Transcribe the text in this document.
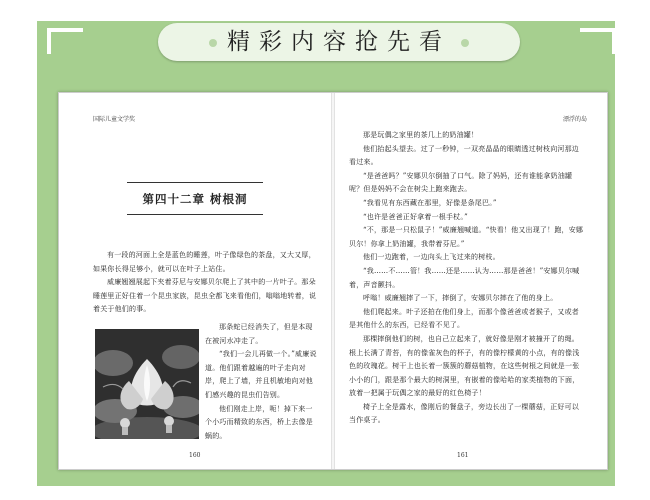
精彩内容抢先看
国际儿童文学奖
第四十二章 树根洞

有一段的河面上全是蓝色的睡莲，叶子像绿色的茶盘，又大又厚，如果你长得足够小，就可以在叶子上站住。

威廉翘翘展起下夹着芬尼与安娜贝尔爬上了其中的一片叶子。那朵睡莲里正好住着一个昆虫家族，昆虫全都飞来看他们，嗡嗡地转着，说着关于他们的事。

那条蛇已经消失了，但是本现在被河水冲走了。

“我们一会儿再做一个。”威廉说道。他们跟着越遍的叶子走向对岸，爬上了墙，并且机敏地向对他们感兴趣的昆虫们告别。

他们刚走上岸，呃！掉下来一个小巧而精致的东西，桥上去像是蜗的。

160
漂浮的岛

那是玩偶之家里的茶几上的奶油罐！

他们抬起头望去。过了一秒钟，一双亮晶晶的眼睛透过树枝向河那边看过来。

“是爸爸吗？”安娜贝尔倒抽了口气。除了妈妈，还有谁能拿奶油罐呢？但是妈妈不会在树尖上跑来跑去。

“我看见有东西藏在那里，好像是条尾巴。”

“也许是爸爸正好拿着一根手杖。”

“不，那是一只松鼠子！”威廉翘喊道。“快看！他又出现了！跑，安娜贝尔！你拿上奶油罐，我带着芬尼。”

他们一边跑着，一边向头上飞过来的树枝。

“我……不……管！我……还是……认为……那是爸爸！”安娜贝尔喊着，声音颤抖。

呼嗡！威廉翘摔了一下，摔倒了，安娜贝尔摔在了他的身上。

他们爬起来。叶子还拍在他们身上，而那个像爸爸或者猴子，又或者是其他什么的东西，已经看不见了。

那棵摔倒他们的树，也自己立起来了，就好像是刚才被撞开了的绳。根上长满了青苔，有的像雀灰色的杯子，有的像柠檬黄的小点，有的像浅色的玫瑰花。树干上也长着一簇簇的蘑菇植物，在这些树根之间就是一张小小的门，跟是那个最大的树洞里，有嵌着的像哈哈的家类植物的下面，放着一把属于玩偶之家的最好的红色椅子！

椅子上全是露水，像刚后的餐盘子，旁边长出了一棵蘑菇，正好可以当作桌子。

161
